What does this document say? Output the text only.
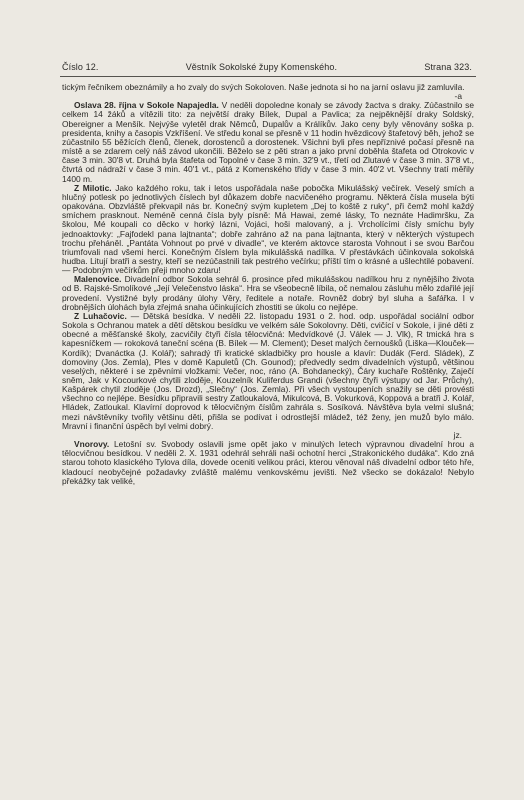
Číslo 12.	Věstník Sokolské župy Komenského.	Strana 323.

tickým řečníkem obeznámily a ho zvaly do svých Sokoloven. Naše jednota si ho na jarní oslavu již zamluvila.
-a

Oslava 28. října v Sokole Napajedla. V neděli dopoledne konaly se závody žactva s draky. Zúčastnilo se celkem 14 žáků a vítězili tito: za největší draky Bílek, Dupal a Pavlica; za nejpěknější draky Soldský, Obereigner a Menšík. Nejvýše vyletěl drak Němců, Dupalův a Králíkův. Jako ceny byly věnovány soška p. presidenta, knihy a časopis Vzkříšení. Ve středu konal se přesně v 11 hodin hvězdicový štafetový běh, jehož se zúčastnilo 55 běžících členů, členek, dorostenců a dorostenek. Všichni byli přes nepříznivé počasí přesně na místě a se zdarem celý náš závod ukončili. Běželo se z pěti stran a jako první doběhla štafeta od Otrokovic v čase 3 min. 30'8 vt. Druhá byla štafeta od Topolné v čase 3 min. 32'9 vt., třetí od Zlutavé v čase 3 min. 37'8 vt., čtvrtá od nádraží v čase 3 min. 40'1 vt., pátá z Komenského třídy v čase 3 min. 40'2 vt. Všechny tratí měřily 1400 m.

Z Milotic. Jako každého roku, tak i letos uspořádala naše pobočka Mikulášský večírek. Veselý smích a hlučný potlesk po jednotlivých číslech byl důkazem dobře nacvičeného programu. Některá čísla musela býti opakována. Obzvláště překvapil nás br. Konečný svým kupletem „Dej to koště z ruky“, při čemž mohl každý smíchem prasknout. Neméně cenná čísla byly písně: Má Hawai, zemé lásky, To neznáte Hadimršku, Za školou, Mé koupali co děcko v horký lázni, Vojáci, hoši malovaný, a j. Vrcholícími čísly smíchu byly jednoaktovky: „Fajfodekl pana lajtnanta“; dobře zahráno až na pana lajtnanta, který v některých výstupech trochu přeháněl. „Pantáta Vohnout po prvé v divadle“, ve kterém aktovce starosta Vohnout i se svou Barčou triumfovali nad všemi herci. Konečným číslem byla mikulášská nadílka. V přestávkách účinkovala sokolská hudba. Litují bratři a sestry, kteří se nezúčastnili tak pestrého večírku; příští tím o krásné a ušlechtilé pobavení. — Podobným večírkům přeji mnoho zdaru!

Malenovice. Divadelní odbor Sokola sehrál 6. prosince před mikulášskou nadílkou hru z nynějšího života od B. Rajské-Smolíkové „Její Velečenstvo láska“. Hra se všeobecně líbila, oč nemalou zásluhu mělo zdařilé její provedení. Vystižné byly prodány úlohy Věry, ředitele a notaře. Rovněž dobrý byl sluha a šafářka. I v drobnějších úlohách byla zřejmá snaha účinkujících zhostiti se úkolu co nejlépe.

Z Luhačovic. — Dětská besídka. V neděli 22. listopadu 1931 o 2. hod. odp. uspořádal sociální odbor Sokola s Ochranou matek a dětí dětskou besídku ve velkém sále Sokolovny. Děti, cvičící v Sokole, i jiné děti z obecné a měšťanské školy, zacvičily čtyři čísla tělocvičná: Medvídkové (J. Válek — J. Vlk), R tmická hra s kapesníčkem — rokoková taneční scéna (B. Bílek — M. Clement); Deset malých černoušků (Liška—Klouček—Kordík); Dvanáctka (J. Kolář); sahradý tři kratické skladbičky pro housle a klavír: Dudák (Ferd. Sládek), Z domoviny (Jos. Zemla), Ples v domě Kapuletů (Ch. Gounod); předvedly sedm divadelních výstupů, většinou veselých, některé i se zpěvními vložkami: Večer, noc, ráno (A. Bohdanecký), Čáry kuchaře Roštěnky, Zaječí sněm, Jak v Kocourkové chytili zloděje, Kouzelník Kuliferdus Grandi (všechny čtyři výstupy od Jar. Průchy), Kašpárek chytil zloděje (Jos. Drozd), „Slečny“ (Jos. Zemla). Při všech vystoupeních snažily se děti provésti všechno co nejlépe. Besídku připravili sestry Zatloukalová, Mikulcová, B. Vokurková, Koppová a bratři J. Kolář, Hládek, Zatloukal. Klavírní doprovod k tělocvičným číslům zahrála s. Sosíková. Návštěva byla velmi slušná; mezi návštěvníky tvořily většinu děti, přišla se podívat i odrostlejší mládež, též ženy, jen mužů bylo málo. Mravní i finanční úspěch byl velmi dobrý.
jz.

Vnorovy. Letošní sv. Svobody oslavili jsme opět jako v minulých letech výpravnou divadelní hrou a tělocvičnou besídkou. V neděli 2. X. 1931 odehrál sehráli naši ochotní herci „Strakonického dudáka“. Kdo zná starou tohoto klasického Tylova díla, dovede oceniti velikou práci, kterou věnoval náš divadelní odbor této hře, kladoucí neobyčejné požadavky zvláště malému venkovskému jevišti. Než všecko se dokázalo! Nebylo překážky tak veliké,
